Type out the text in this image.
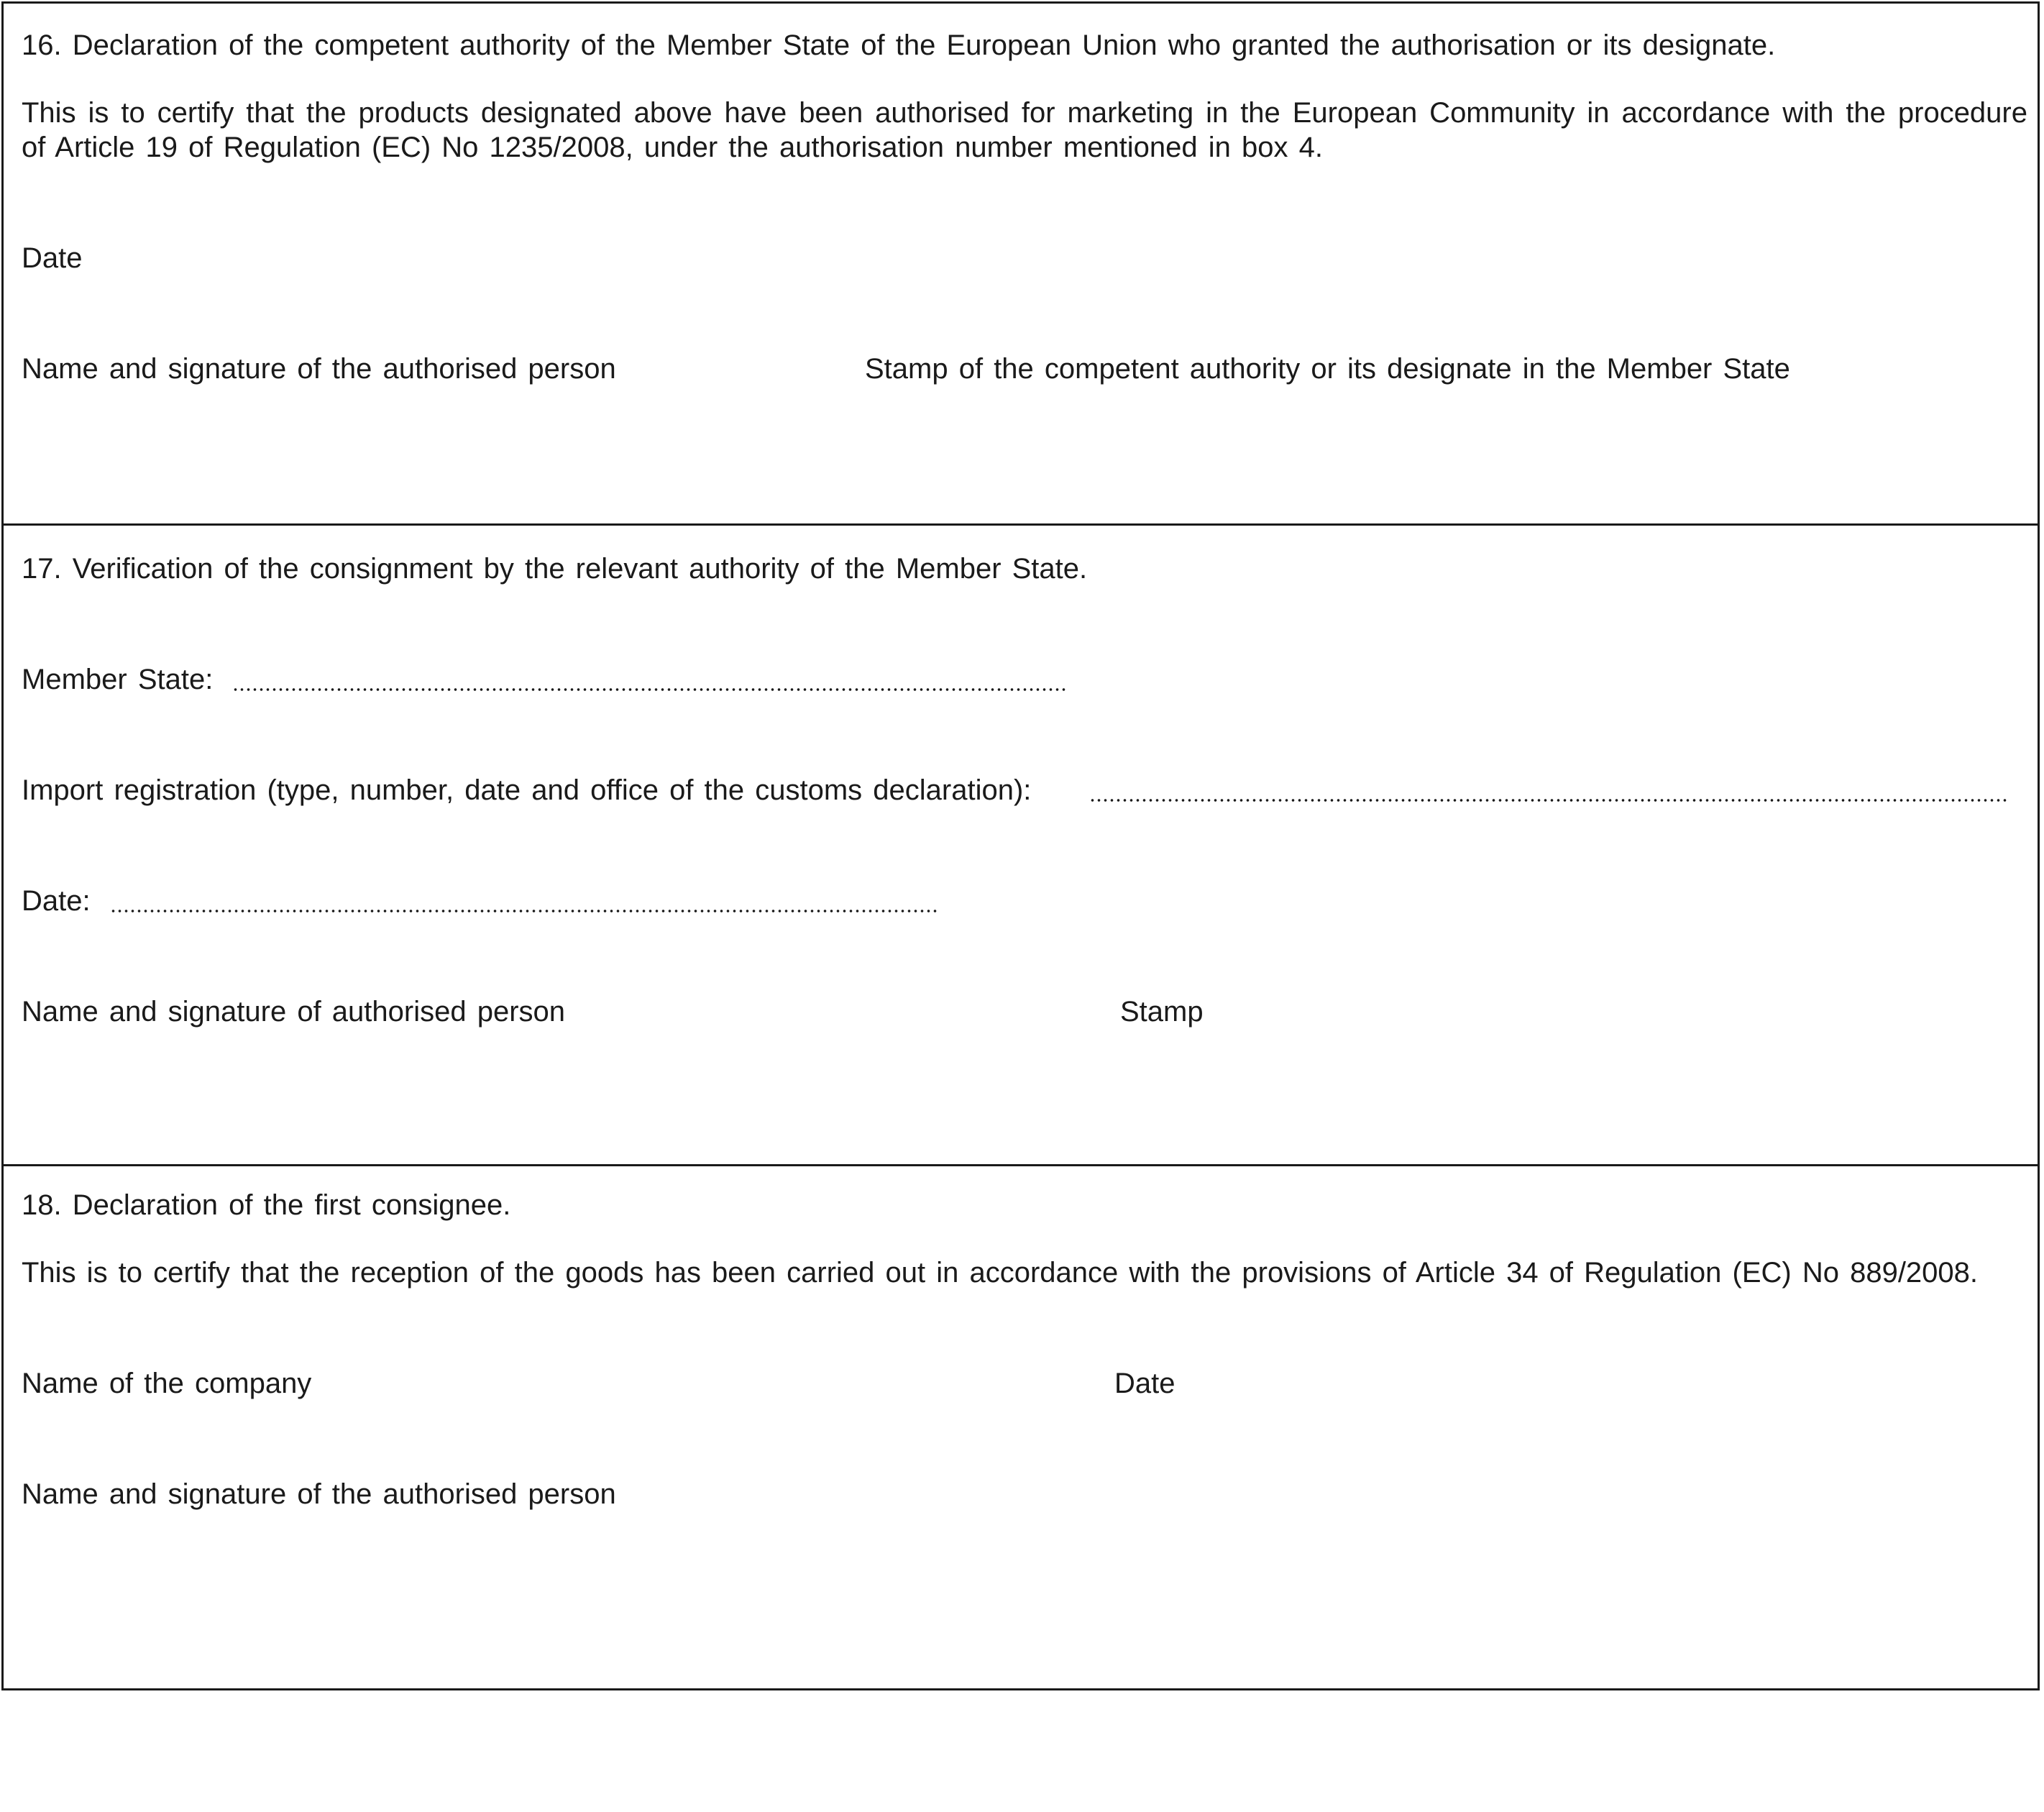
16. Declaration of the competent authority of the Member State of the European Union who granted the authorisation or its designate.
This is to certify that the products designated above have been authorised for marketing in the European Community in accordance with the procedure of Article 19 of Regulation (EC) No 1235/2008, under the authorisation number mentioned in box 4.
Date
Name and signature of the authorised person	Stamp of the competent authority or its designate in the Member State
17. Verification of the consignment by the relevant authority of the Member State.
Member State:
Import registration (type, number, date and office of the customs declaration):
Date:
Name and signature of authorised person	Stamp
18. Declaration of the first consignee.
This is to certify that the reception of the goods has been carried out in accordance with the provisions of Article 34 of Regulation (EC) No 889/2008.
Name of the company	Date
Name and signature of the authorised person
